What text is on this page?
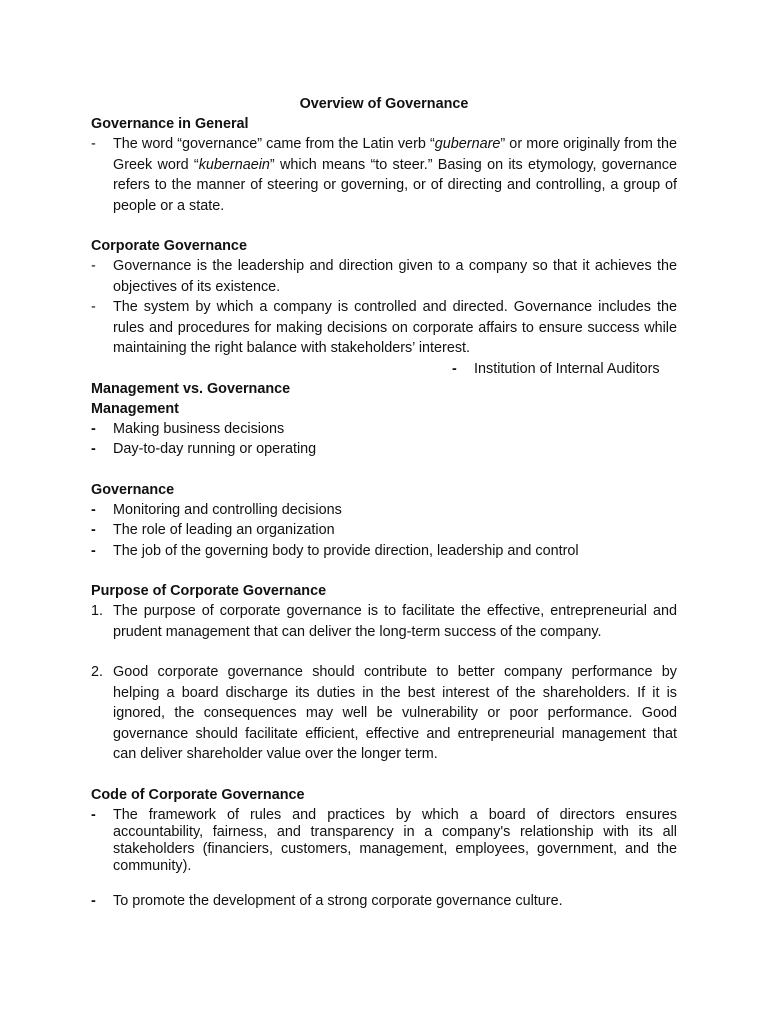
Overview of Governance
Governance in General
- The word “governance” came from the Latin verb “gubernare” or more originally from the Greek word “kubernaein” which means “to steer.” Basing on its etymology, governance refers to the manner of steering or governing, or of directing and controlling, a group of people or a state.
Corporate Governance
- Governance is the leadership and direction given to a company so that it achieves the objectives of its existence.
- The system by which a company is controlled and directed. Governance includes the rules and procedures for making decisions on corporate affairs to ensure success while maintaining the right balance with stakeholders’ interest.
- Institution of Internal Auditors
Management vs. Governance
Management
- Making business decisions
- Day-to-day running or operating
Governance
- Monitoring and controlling decisions
- The role of leading an organization
- The job of the governing body to provide direction, leadership and control
Purpose of Corporate Governance
1. The purpose of corporate governance is to facilitate the effective, entrepreneurial and prudent management that can deliver the long-term success of the company.
2. Good corporate governance should contribute to better company performance by helping a board discharge its duties in the best interest of the shareholders. If it is ignored, the consequences may well be vulnerability or poor performance. Good governance should facilitate efficient, effective and entrepreneurial management that can deliver shareholder value over the longer term.
Code of Corporate Governance
- The framework of rules and practices by which a board of directors ensures accountability, fairness, and transparency in a company's relationship with its all stakeholders (financiers, customers, management, employees, government, and the community).
- To promote the development of a strong corporate governance culture.
